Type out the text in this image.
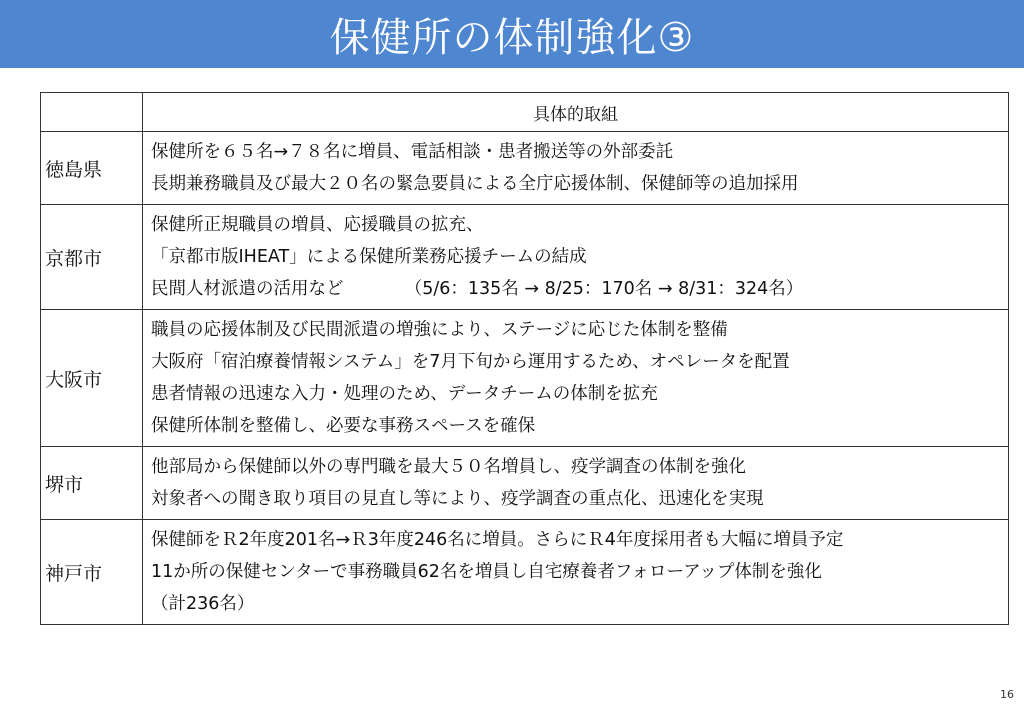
保健所の体制強化③
	具体的取組
徳島県	保健所を６５名→７８名に増員、電話相談・患者搬送等の外部委託
長期兼務職員及び最大２０名の緊急要員による全庁応援体制、保健師等の追加採用

京都市	保健所正規職員の増員、応援職員の拡充、
「京都市版IHEAT」による保健所業務応援チームの結成
民間人材派遣の活用など　　　　（5/6：135名 → 8/25：170名 → 8/31：324名）

大阪市	職員の応援体制及び民間派遣の増強により、ステージに応じた体制を整備
大阪府「宿泊療養情報システム」を7月下旬から運用するため、オペレータを配置
患者情報の迅速な入力・処理のため、データチームの体制を拡充
保健所体制を整備し、必要な事務スペースを確保

堺市	他部局から保健師以外の専門職を最大５０名増員し、疫学調査の体制を強化
対象者への聞き取り項目の見直し等により、疫学調査の重点化、迅速化を実現

神戸市	保健師をＲ2年度201名→Ｒ3年度246名に増員。さらにＲ4年度採用者も大幅に増員予定
11か所の保健センターで事務職員62名を増員し自宅療養者フォローアップ体制を強化
（計236名）
16
